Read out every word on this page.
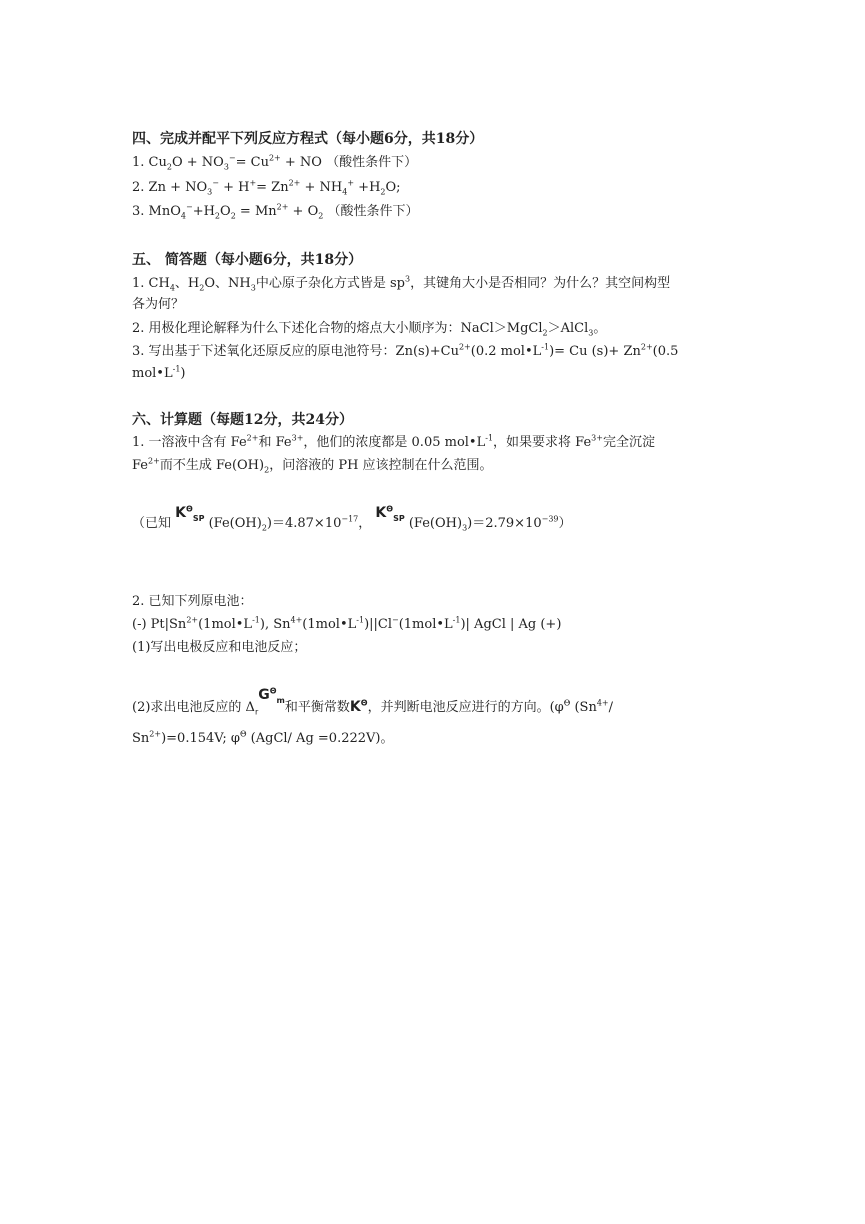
四、完成并配平下列反应方程式（每小题6分，共18分）
1. $Cu_2O + NO_3^-= Cu^{2+}$ + NO （酸性条件下）
2. $Zn + NO_3^- + H^+= Zn^{2+} + NH_4^+ +H_2O$;
3. $MnO_4^-+H_2O_2 = Mn^{2+} + O_2$ （酸性条件下）
五、 简答题（每小题6分，共18分）
1. $CH_4$、$H_2O$、$NH_3$中心原子杂化方式皆是 $sp^3$，其键角大小是否相同？为什么？其空间构型
各为何？
2. 用极化理论解释为什么下述化合物的熔点大小顺序为：NaCl＞MgCl$_2$＞AlCl$_3$。
3. 写出基于下述氧化还原反应的原电池符号：$Zn(s)+Cu^{2+}(0.2$ $mol•L^{-1})= Cu$ $(s)+ Zn^{2+}(0.5$
$mol•L^{-1}$)
六、计算题（每题12分，共24分）
1. 一溶液中含有 $Fe^{2+}$和 $Fe^{3+}$，他们的浓度都是 0.05 $mol•L^{-1}$，如果要求将 $Fe^{3+}$完全沉淀
$Fe^{2+}$而不生成 $Fe(OH)_2$，问溶液的 PH 应该控制在什么范围。
（已知 $K^\Theta_{SP}$ $(Fe(OH)_2)=4.87\times 10^{-17}$， $K^\Theta_{SP}$ $(Fe(OH)_3)=2.79\times 10^{-39}$）
2. 已知下列原电池：
(-) $Pt|Sn^{2+}(1mol•L^{-1})$, $Sn^{4+}(1mol•L^{-1})||Cl^-(1mol•L^{-1})|$ AgCl | Ag (+)
(1)写出电极反应和电池反应；
(2)求出电池反应的 $\Delta_rG^\Theta_m$和平衡常数$K^\Theta$，并判断电池反应进行的方向。($\varphi^\Theta$ ($Sn^{4+}/$
$Sn^{2+})=0.154V$; $\varphi^\Theta$ (AgCl/ Ag =0.222V)。
